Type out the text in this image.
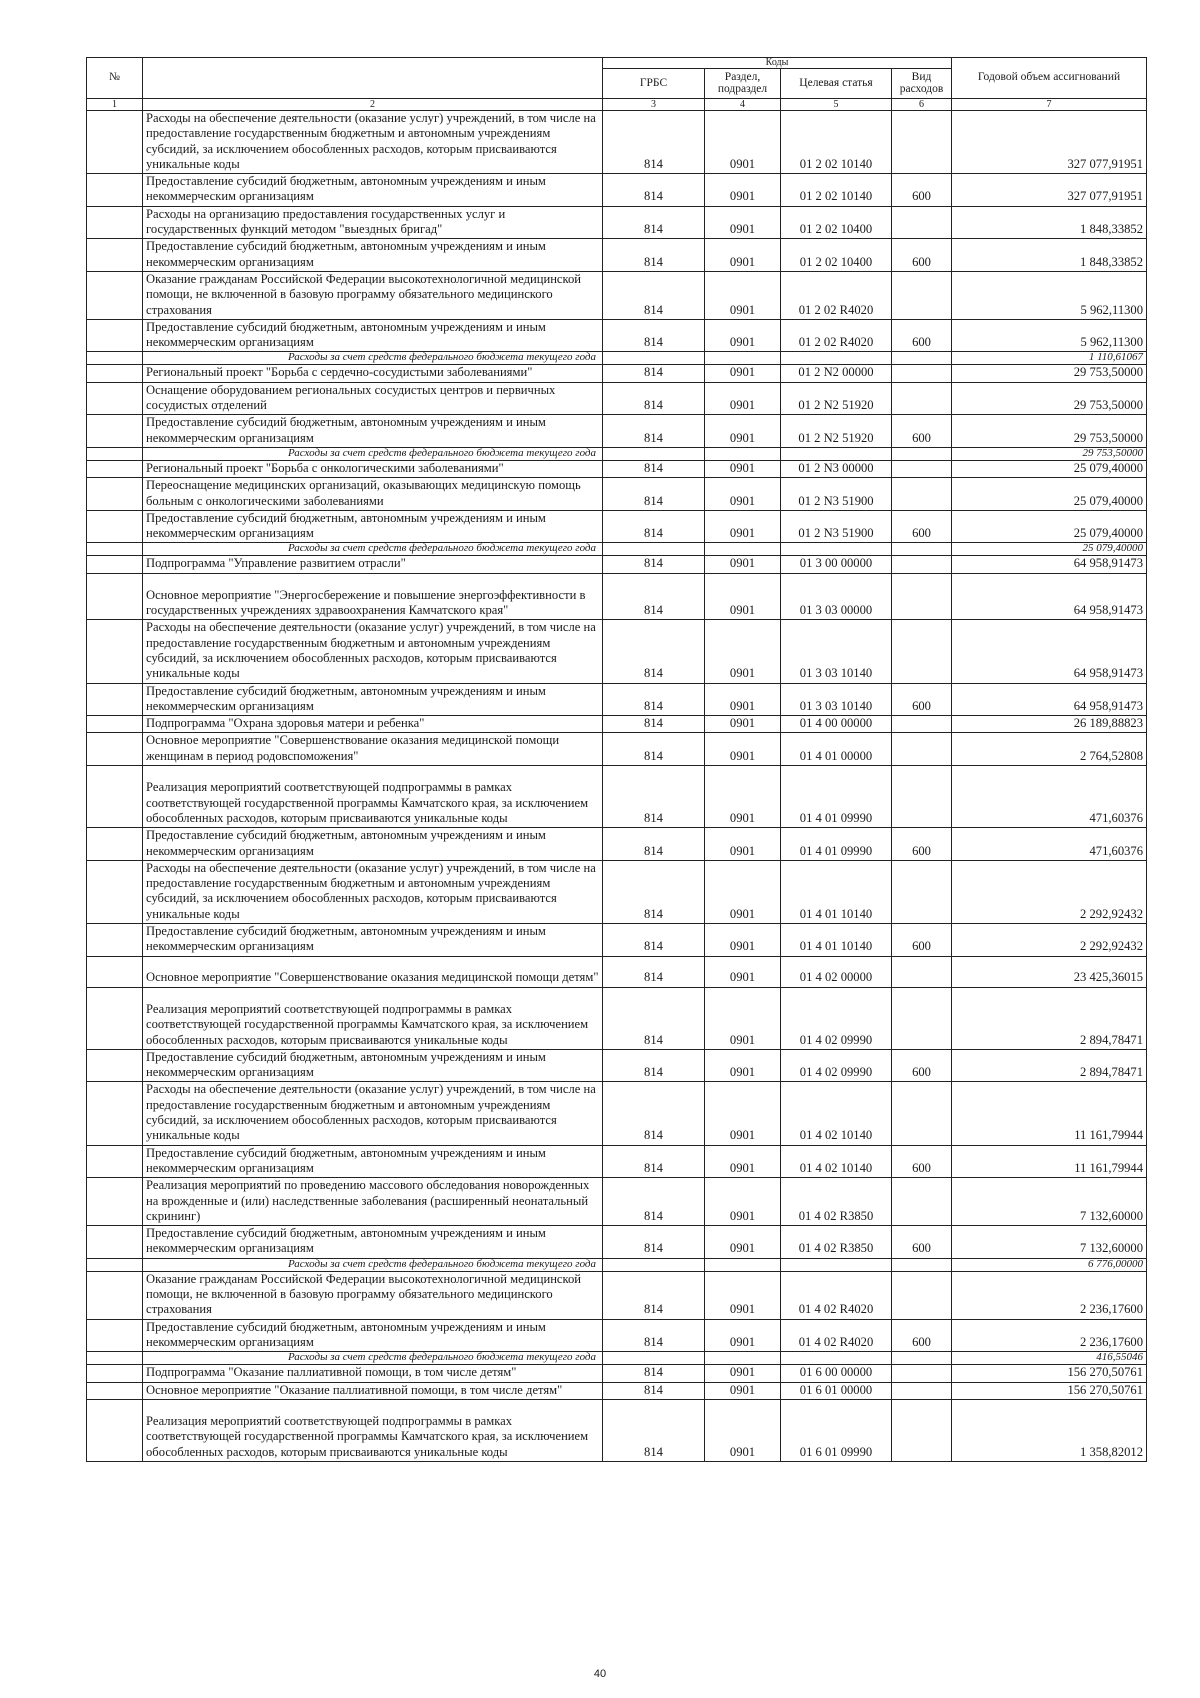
№		Коды				Годовой объем ассигнований
		ГРБС	Раздел, подраздел	Целевая статья	Вид расходов	
1	2	3	4	5	6	7
	Расходы на обеспечение деятельности (оказание услуг) учреждений, в том числе на предоставление государственным бюджетным и автономным учреждениям субсидий, за исключением обособленных расходов, которым присваиваются уникальные коды	814	0901	01 2 02 10140		327 077,91951
	Предоставление субсидий бюджетным, автономным учреждениям и иным некоммерческим организациям	814	0901	01 2 02 10140	600	327 077,91951
	Расходы на организацию предоставления государственных услуг и государственных функций методом "выездных бригад"	814	0901	01 2 02 10400		1 848,33852
	Предоставление субсидий бюджетным, автономным учреждениям и иным некоммерческим организациям	814	0901	01 2 02 10400	600	1 848,33852
	Оказание гражданам Российской Федерации высокотехнологичной медицинской помощи, не включенной в базовую программу обязательного медицинского страхования	814	0901	01 2 02 R4020		5 962,11300
	Предоставление субсидий бюджетным, автономным учреждениям и иным некоммерческим организациям	814	0901	01 2 02 R4020	600	5 962,11300
	Расходы за счет средств федерального бюджета текущего года					1 110,61067
	Региональный проект "Борьба с сердечно-сосудистыми заболеваниями"	814	0901	01 2 N2 00000		29 753,50000
	Оснащение оборудованием региональных сосудистых центров и первичных сосудистых отделений	814	0901	01 2 N2 51920		29 753,50000
	Предоставление субсидий бюджетным, автономным учреждениям и иным некоммерческим организациям	814	0901	01 2 N2 51920	600	29 753,50000
	Расходы за счет средств федерального бюджета текущего года					29 753,50000
	Региональный проект "Борьба с онкологическими заболеваниями"	814	0901	01 2 N3 00000		25 079,40000
	Переоснащение медицинских организаций, оказывающих медицинскую помощь больным с онкологическими заболеваниями	814	0901	01 2 N3 51900		25 079,40000
	Предоставление субсидий бюджетным, автономным учреждениям и иным некоммерческим организациям	814	0901	01 2 N3 51900	600	25 079,40000
	Расходы за счет средств федерального бюджета текущего года					25 079,40000
	Подпрограмма "Управление развитием отрасли"	814	0901	01 3 00 00000		64 958,91473
	Основное мероприятие "Энергосбережение и повышение энергоэффективности в государственных учреждениях здравоохранения Камчатского края"	814	0901	01 3 03 00000		64 958,91473
	Расходы на обеспечение деятельности (оказание услуг) учреждений, в том числе на предоставление государственным бюджетным и автономным учреждениям субсидий, за исключением обособленных расходов, которым присваиваются уникальные коды	814	0901	01 3 03 10140		64 958,91473
	Предоставление субсидий бюджетным, автономным учреждениям и иным некоммерческим организациям	814	0901	01 3 03 10140	600	64 958,91473
	Подпрограмма "Охрана здоровья матери и ребенка"	814	0901	01 4 00 00000		26 189,88823
	Основное мероприятие "Совершенствование оказания медицинской помощи женщинам в период родовспоможения"	814	0901	01 4 01 00000		2 764,52808
	Реализация мероприятий соответствующей подпрограммы в рамках соответствующей государственной программы Камчатского края, за исключением обособленных расходов, которым присваиваются уникальные коды	814	0901	01 4 01 09990		471,60376
	Предоставление субсидий бюджетным, автономным учреждениям и иным некоммерческим организациям	814	0901	01 4 01 09990	600	471,60376
	Расходы на обеспечение деятельности (оказание услуг) учреждений, в том числе на предоставление государственным бюджетным и автономным учреждениям субсидий, за исключением обособленных расходов, которым присваиваются уникальные коды	814	0901	01 4 01 10140		2 292,92432
	Предоставление субсидий бюджетным, автономным учреждениям и иным некоммерческим организациям	814	0901	01 4 01 10140	600	2 292,92432
	Основное мероприятие "Совершенствование оказания медицинской помощи детям"	814	0901	01 4 02 00000		23 425,36015
	Реализация мероприятий соответствующей подпрограммы в рамках соответствующей государственной программы Камчатского края, за исключением обособленных расходов, которым присваиваются уникальные коды	814	0901	01 4 02 09990		2 894,78471
	Предоставление субсидий бюджетным, автономным учреждениям и иным некоммерческим организациям	814	0901	01 4 02 09990	600	2 894,78471
	Расходы на обеспечение деятельности (оказание услуг) учреждений, в том числе на предоставление государственным бюджетным и автономным учреждениям субсидий, за исключением обособленных расходов, которым присваиваются уникальные коды	814	0901	01 4 02 10140		11 161,79944
	Предоставление субсидий бюджетным, автономным учреждениям и иным некоммерческим организациям	814	0901	01 4 02 10140	600	11 161,79944
	Реализация мероприятий по проведению массового обследования новорожденных на врожденные и (или) наследственные заболевания (расширенный неонатальный скрининг)	814	0901	01 4 02 R3850		7 132,60000
	Предоставление субсидий бюджетным, автономным учреждениям и иным некоммерческим организациям	814	0901	01 4 02 R3850	600	7 132,60000
	Расходы за счет средств федерального бюджета текущего года					6 776,00000
	Оказание гражданам Российской Федерации высокотехнологичной медицинской помощи, не включенной в базовую программу обязательного медицинского страхования	814	0901	01 4 02 R4020		2 236,17600
	Предоставление субсидий бюджетным, автономным учреждениям и иным некоммерческим организациям	814	0901	01 4 02 R4020	600	2 236,17600
	Расходы за счет средств федерального бюджета текущего года					416,55046
	Подпрограмма "Оказание паллиативной помощи, в том числе детям"	814	0901	01 6 00 00000		156 270,50761
	Основное мероприятие "Оказание паллиативной помощи, в том числе детям"	814	0901	01 6 01 00000		156 270,50761
	Реализация мероприятий соответствующей подпрограммы в рамках соответствующей государственной программы Камчатского края, за исключением обособленных расходов, которым присваиваются уникальные коды	814	0901	01 6 01 09990		1 358,82012
40
